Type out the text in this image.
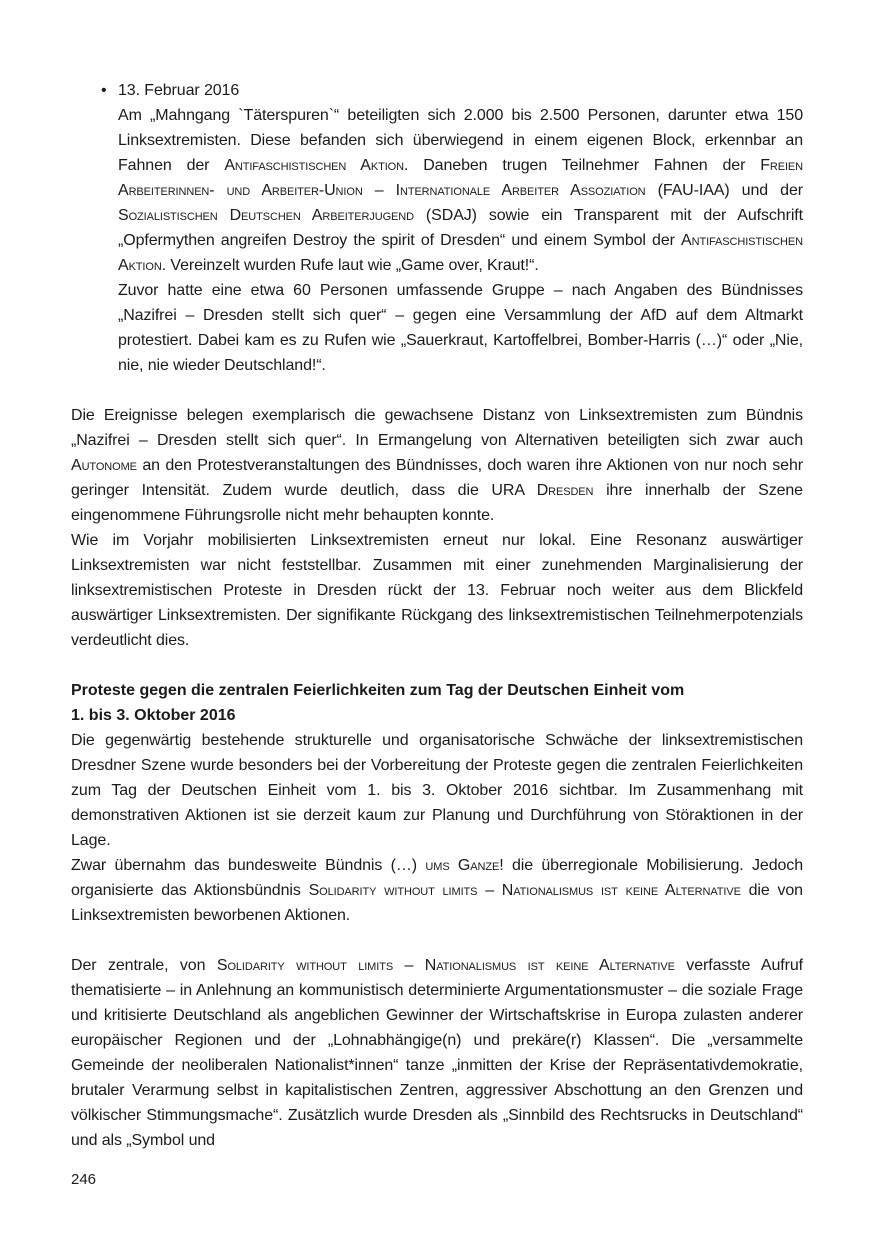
• 13. Februar 2016

Am „Mahngang `Täterspuren`“ beteiligten sich 2.000 bis 2.500 Personen, darunter etwa 150 Linksextremisten. Diese befanden sich überwiegend in einem eigenen Block, erkennbar an Fahnen der Antifaschistischen Aktion. Daneben trugen Teilnehmer Fahnen der Freien Arbeiterinnen- und Arbeiter-Union – Internationale Arbeiter Assoziation (FAU-IAA) und der Sozialistischen Deutschen Arbeiterjugend (SDAJ) sowie ein Transparent mit der Aufschrift „Opfermythen angreifen Destroy the spirit of Dresden“ und einem Symbol der Antifaschistischen Aktion. Vereinzelt wurden Rufe laut wie „Game over, Kraut!“.

Zuvor hatte eine etwa 60 Personen umfassende Gruppe – nach Angaben des Bündnisses „Nazifrei – Dresden stellt sich quer“ – gegen eine Versammlung der AfD auf dem Altmarkt protestiert. Dabei kam es zu Rufen wie „Sauerkraut, Kartoffelbrei, Bomber-Harris (…)“ oder „Nie, nie, nie wieder Deutschland!“.

Die Ereignisse belegen exemplarisch die gewachsene Distanz von Linksextremisten zum Bündnis „Nazifrei – Dresden stellt sich quer“. In Ermangelung von Alternativen beteiligten sich zwar auch Autonome an den Protestveranstaltungen des Bündnisses, doch waren ihre Aktionen von nur noch sehr geringer Intensität. Zudem wurde deutlich, dass die URA Dresden ihre innerhalb der Szene eingenommene Führungsrolle nicht mehr behaupten konnte.

Wie im Vorjahr mobilisierten Linksextremisten erneut nur lokal. Eine Resonanz auswärtiger Linksextremisten war nicht feststellbar. Zusammen mit einer zunehmenden Marginalisierung der linksextremistischen Proteste in Dresden rückt der 13. Februar noch weiter aus dem Blickfeld auswärtiger Linksextremisten. Der signifikante Rückgang des linksextremistischen Teilnehmerpotenzials verdeutlicht dies.

Proteste gegen die zentralen Feierlichkeiten zum Tag der Deutschen Einheit vom
1. bis 3. Oktober 2016

Die gegenwärtig bestehende strukturelle und organisatorische Schwäche der linksextremistischen Dresdner Szene wurde besonders bei der Vorbereitung der Proteste gegen die zentralen Feierlichkeiten zum Tag der Deutschen Einheit vom 1. bis 3. Oktober 2016 sichtbar. Im Zusammenhang mit demonstrativen Aktionen ist sie derzeit kaum zur Planung und Durchführung von Störaktionen in der Lage.

Zwar übernahm das bundesweite Bündnis (…) ums Ganze! die überregionale Mobilisierung. Jedoch organisierte das Aktionsbündnis Solidarity without limits – Nationalismus ist keine Alternative die von Linksextremisten beworbenen Aktionen.

Der zentrale, von Solidarity without limits – Nationalismus ist keine Alternative verfasste Aufruf thematisierte – in Anlehnung an kommunistisch determinierte Argumentationsmuster – die soziale Frage und kritisierte Deutschland als angeblichen Gewinner der Wirtschaftskrise in Europa zulasten anderer europäischer Regionen und der „Lohnabhängige(n) und prekäre(r) Klassen“. Die „versammelte Gemeinde der neoliberalen Nationalist*innen“ tanze „inmitten der Krise der Repräsentativdemokratie, brutaler Verarmung selbst in kapitalistischen Zentren, aggressiver Abschottung an den Grenzen und völkischer Stimmungsmache“. Zusätzlich wurde Dresden als „Sinnbild des Rechtsrucks in Deutschland“ und als „Symbol und

246
